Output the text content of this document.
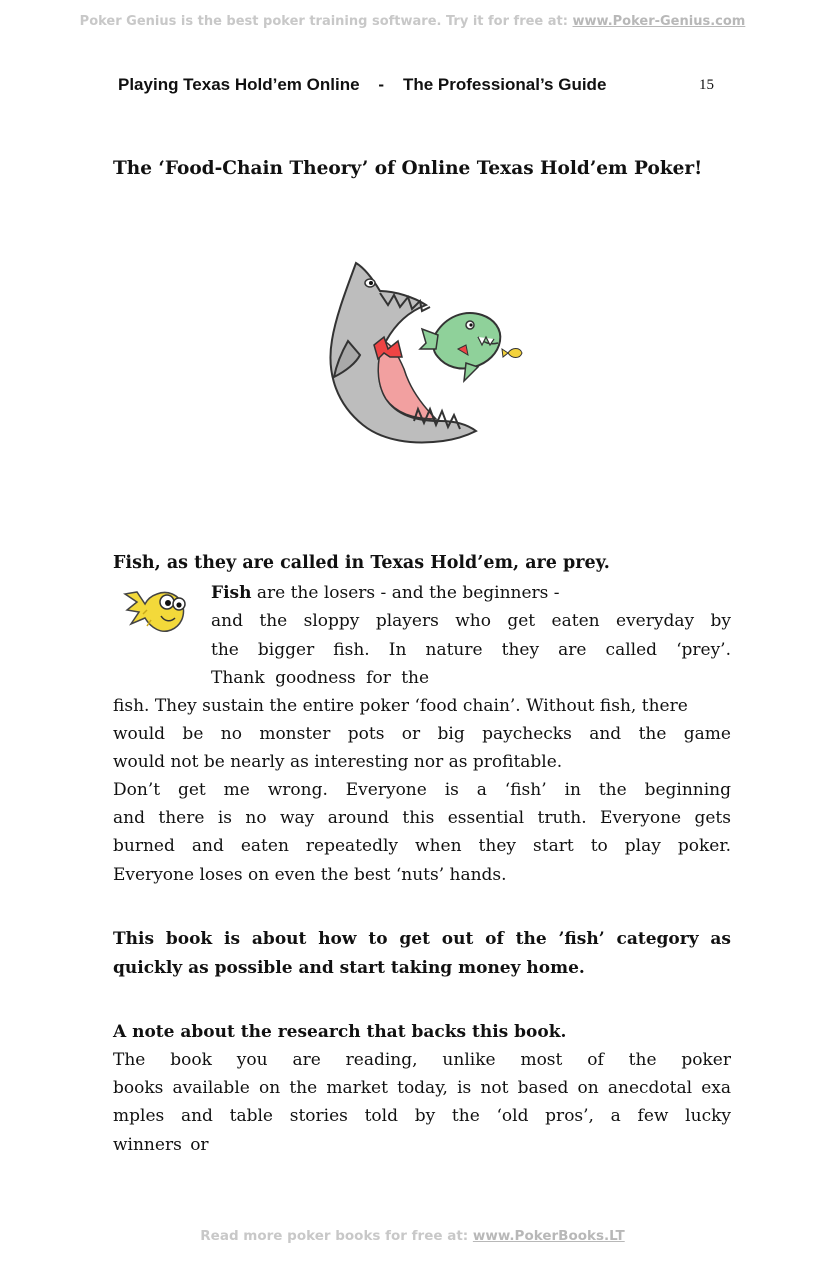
Poker Genius is the best poker training software. Try it for free at: www.Poker-Genius.com
Playing Texas Hold’em Online    -    The Professional’s Guide	15
The ‘Food-Chain Theory’ of Online Texas Hold’em Poker!
Fish, as they are called in Texas Hold’em, are prey.
Fish are the losers - and the beginners -
and the sloppy players who get eaten everyday by
the bigger fish. In nature they are called ‘prey’.
Thank goodness for the
fish. They sustain the entire poker ‘food chain’. Without fish, there
would be no monster pots or big paychecks and the game
would not be nearly as interesting nor as profitable.
Don’t get me wrong. Everyone is a ‘fish’ in the beginning
and there is no way around this essential truth. Everyone gets
burned and eaten repeatedly when they start to play poker.
Everyone loses on even the best ‘nuts’ hands.
This book is about how to get out of the ’fish’ category as
quickly as possible and start taking money home.
A note about the research that backs this book.
The book you are reading, unlike most of the poker
books available on the market today, is not based on anecdotal exa
mples and table stories told by the ‘old pros’, a few lucky
winners or
Read more poker books for free at: www.PokerBooks.LT
